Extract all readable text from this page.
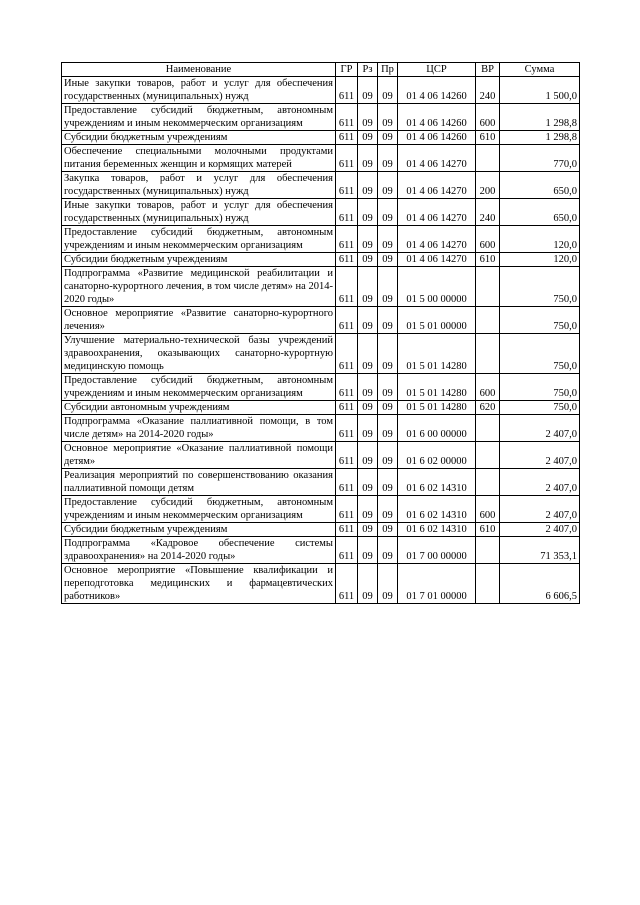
Наименование	ГР	Рз	Пр	ЦСР	ВР	Сумма
Иные закупки товаров, работ и услуг для обеспечения государственных (муниципальных) нужд	611	09	09	01 4 06 14260	240	1 500,0
Предоставление субсидий бюджетным, автономным учреждениям и иным некоммерческим организациям	611	09	09	01 4 06 14260	600	1 298,8
Субсидии бюджетным учреждениям	611	09	09	01 4 06 14260	610	1 298,8
Обеспечение специальными молочными продуктами питания беременных женщин и кормящих матерей	611	09	09	01 4 06 14270		770,0
Закупка товаров, работ и услуг для обеспечения государственных (муниципальных) нужд	611	09	09	01 4 06 14270	200	650,0
Иные закупки товаров, работ и услуг для обеспечения государственных (муниципальных) нужд	611	09	09	01 4 06 14270	240	650,0
Предоставление субсидий бюджетным, автономным учреждениям и иным некоммерческим организациям	611	09	09	01 4 06 14270	600	120,0
Субсидии бюджетным учреждениям	611	09	09	01 4 06 14270	610	120,0
Подпрограмма «Развитие медицинской реабилитации и санаторно-курортного лечения, в том числе детям» на 2014-2020 годы»	611	09	09	01 5 00 00000		750,0
Основное мероприятие «Развитие санаторно-курортного лечения»	611	09	09	01 5 01 00000		750,0
Улучшение материально-технической базы учреждений здравоохранения, оказывающих санаторно-курортную медицинскую помощь	611	09	09	01 5 01 14280		750,0
Предоставление субсидий бюджетным, автономным учреждениям и иным некоммерческим организациям	611	09	09	01 5 01 14280	600	750,0
Субсидии автономным учреждениям	611	09	09	01 5 01 14280	620	750,0
Подпрограмма «Оказание паллиативной помощи, в том числе детям» на 2014-2020 годы»	611	09	09	01 6 00 00000		2 407,0
Основное мероприятие «Оказание паллиативной помощи детям»	611	09	09	01 6 02 00000		2 407,0
Реализация мероприятий по совершенствованию оказания паллиативной помощи детям	611	09	09	01 6 02 14310		2 407,0
Предоставление субсидий бюджетным, автономным учреждениям и иным некоммерческим организациям	611	09	09	01 6 02 14310	600	2 407,0
Субсидии бюджетным учреждениям	611	09	09	01 6 02 14310	610	2 407,0
Подпрограмма «Кадровое обеспечение системы здравоохранения» на 2014-2020 годы»	611	09	09	01 7 00 00000		71 353,1
Основное мероприятие «Повышение квалификации и переподготовка медицинских и фармацевтических работников»	611	09	09	01 7 01 00000		6 606,5
